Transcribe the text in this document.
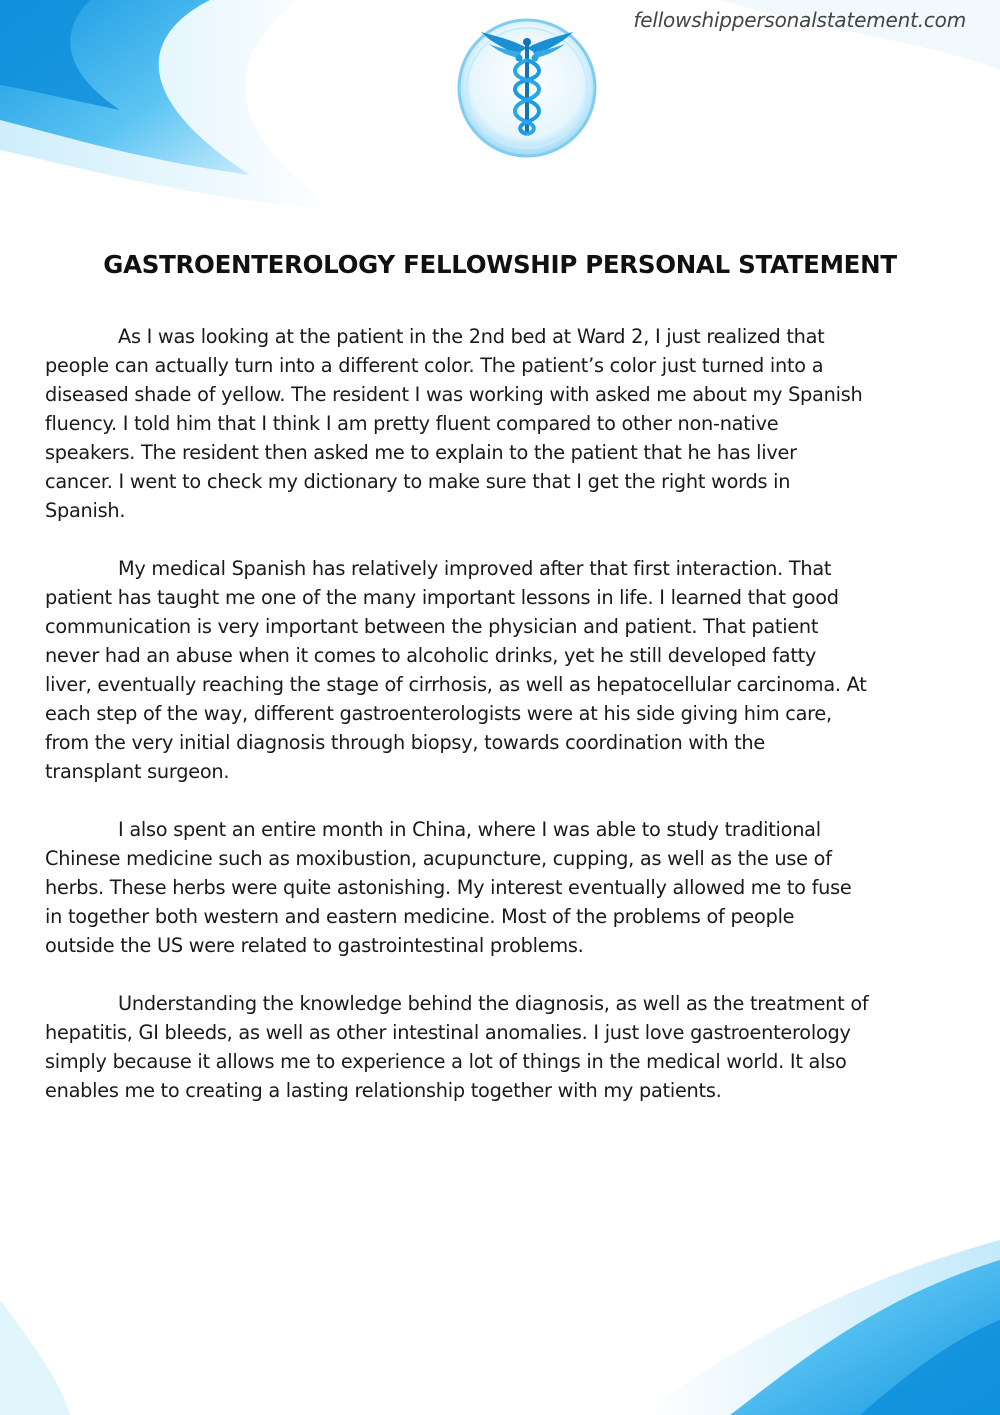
fellowshippersonalstatement.com
GASTROENTEROLOGY FELLOWSHIP PERSONAL STATEMENT

As I was looking at the patient in the 2nd bed at Ward 2, I just realized that
people can actually turn into a different color. The patient’s color just turned into a
diseased shade of yellow. The resident I was working with asked me about my Spanish
fluency. I told him that I think I am pretty fluent compared to other non-native
speakers. The resident then asked me to explain to the patient that he has liver
cancer. I went to check my dictionary to make sure that I get the right words in
Spanish.

My medical Spanish has relatively improved after that first interaction. That
patient has taught me one of the many important lessons in life. I learned that good
communication is very important between the physician and patient. That patient
never had an abuse when it comes to alcoholic drinks, yet he still developed fatty
liver, eventually reaching the stage of cirrhosis, as well as hepatocellular carcinoma. At
each step of the way, different gastroenterologists were at his side giving him care,
from the very initial diagnosis through biopsy, towards coordination with the
transplant surgeon.

I also spent an entire month in China, where I was able to study traditional
Chinese medicine such as moxibustion, acupuncture, cupping, as well as the use of
herbs. These herbs were quite astonishing. My interest eventually allowed me to fuse
in together both western and eastern medicine. Most of the problems of people
outside the US were related to gastrointestinal problems.

Understanding the knowledge behind the diagnosis, as well as the treatment of
hepatitis, GI bleeds, as well as other intestinal anomalies. I just love gastroenterology
simply because it allows me to experience a lot of things in the medical world. It also
enables me to creating a lasting relationship together with my patients.
